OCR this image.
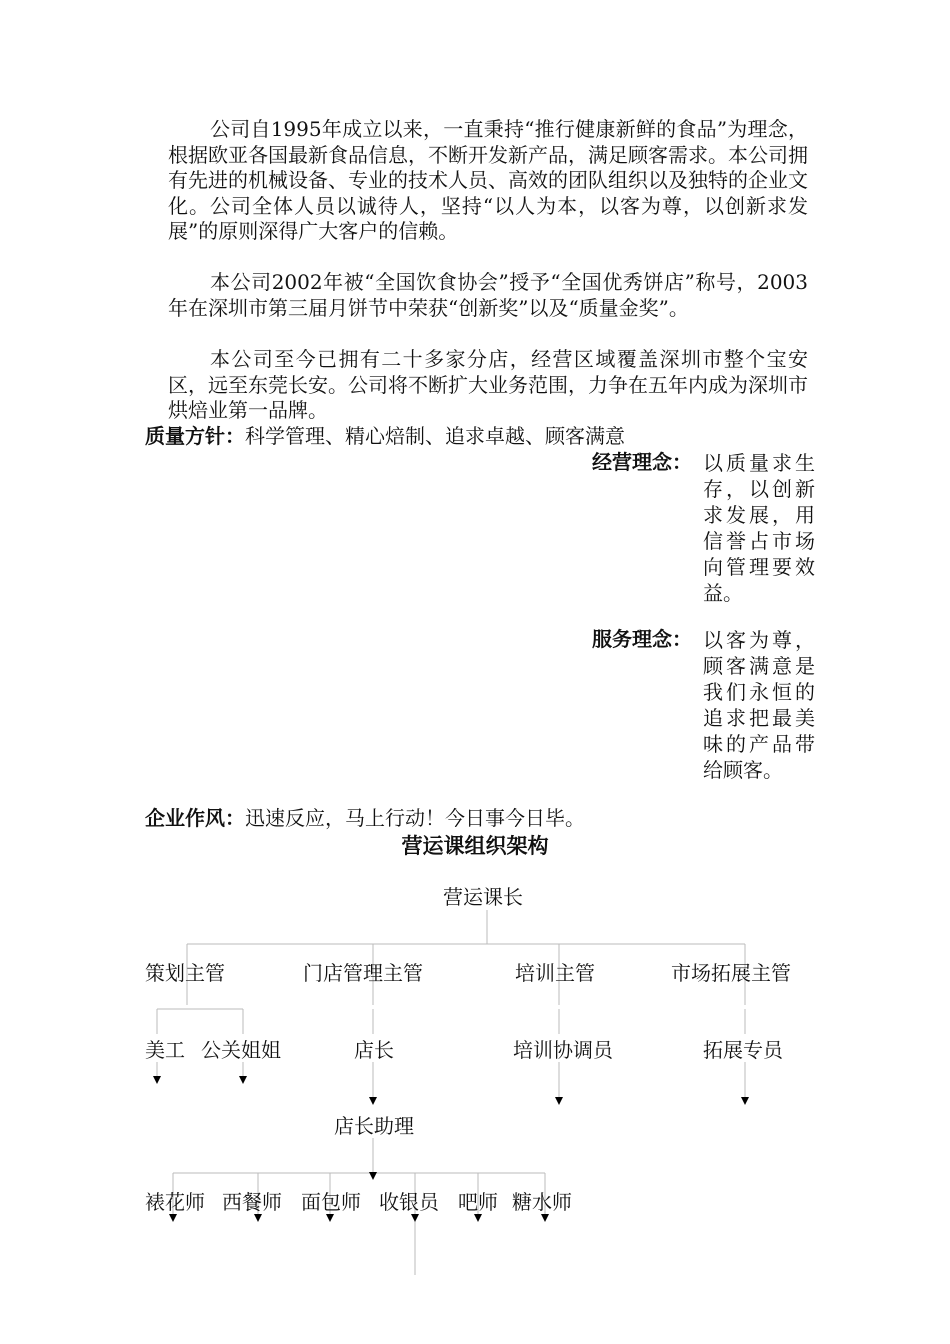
公司自1995年成立以来，一直秉持“推行健康新鲜的食品”为理念，根据欧亚各国最新食品信息，不断开发新产品，满足顾客需求。本公司拥有先进的机械设备、专业的技术人员、高效的团队组织以及独特的企业文化。公司全体人员以诚待人，坚持“以人为本，以客为尊，以创新求发展”的原则深得广大客户的信赖。
本公司2002年被“全国饮食协会”授予“全国优秀饼店”称号，2003年在深圳市第三届月饼节中荣获“创新奖”以及“质量金奖”。
本公司至今已拥有二十多家分店，经营区域覆盖深圳市整个宝安区，远至东莞长安。公司将不断扩大业务范围，力争在五年内成为深圳市烘焙业第一品牌。
质量方针：科学管理、精心焙制、追求卓越、顾客满意
经营理念： 以质量求生存，以创新求发展，用信誉占市场向管理要效益。
服务理念： 以客为尊，顾客满意是我们永恒的追求把最美味的产品带给顾客。
企业作风：迅速反应，马上行动！今日事今日毕。
营运课组织架构
营运课长
策划主管	门店管理主管	培训主管	市场拓展主管
美工 公关姐姐	店长	培训协调员	拓展专员
店长助理
裱花师 西餐师 面包师 收银员 吧师 糖水师
